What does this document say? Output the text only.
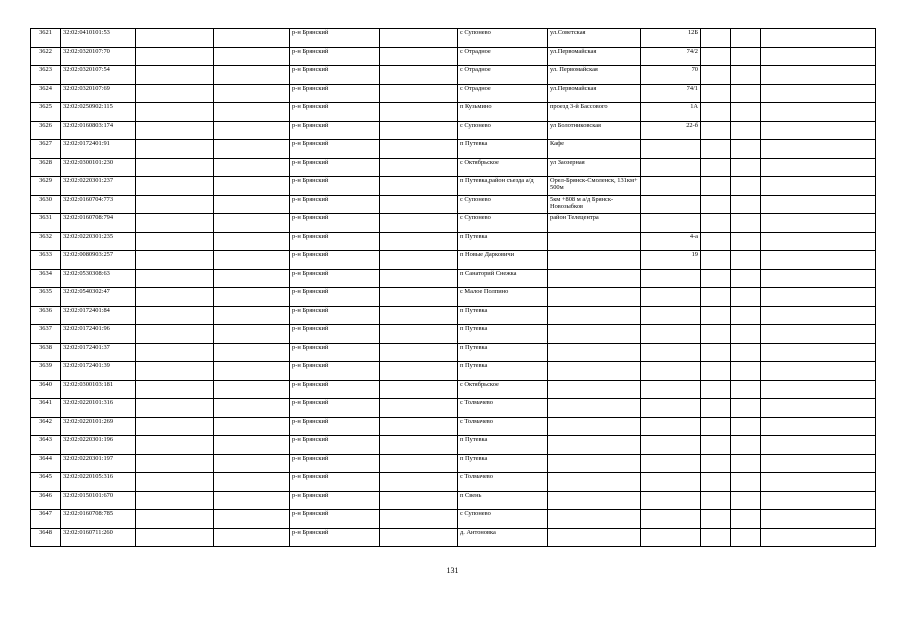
3621	32:02:0410101:53			р-н Брянский		с Супонево	ул.Советская	12Б			
3622	32:02:0320107:70			р-н Брянский		с Отрадное	ул.Первомайская	74/2			
3623	32:02:0320107:54			р-н Брянский		с Отрадное	ул. Первомайская	70			
3624	32:02:0320107:69			р-н Брянский		с Отрадное	ул.Первомайская	74/1			
3625	32:02:0250902:115			р-н Брянский		п Кузьмино	проезд 3-й Бассового	1А			
3626	32:02:0160803:174			р-н Брянский		с Супонево	ул Болотниковская	22-б			
3627	32:02:0172401:91			р-н Брянский		п Путевка	Кафе				
3628	32:02:0300101:230			р-н Брянский		с Октябрьское	ул Заозерная				
3629	32:02:0220301:237			р-н Брянский		п Путевка,район съезда а/д	Орел-Брянск-Смоленск, 131км+ 500м				
3630	32:02:0160704:773			р-н Брянский		с Супонево	5км +808 м а/д Брянск-Новозыбков				
3631	32:02:0160708:794			р-н Брянский		с Супонево	район Телецентра				
3632	32:02:0220301:235			р-н Брянский		п Путевка		4-а			
3633	32:02:0080903:257			р-н Брянский		п Новые Дарковичи		19			
3634	32:02:0530308:63			р-н Брянский		п Санаторий Снежка					
3635	32:02:0540302:47			р-н Брянский		с Малое Полпино					
3636	32:02:0172401:84			р-н Брянский		п Путевка					
3637	32:02:0172401:96			р-н Брянский		п Путевка					
3638	32:02:0172401:37			р-н Брянский		п Путевка					
3639	32:02:0172401:39			р-н Брянский		п Путевка					
3640	32:02:0300103:181			р-н Брянский		с Октябрьское					
3641	32:02:0220101:316			р-н Брянский		с Толмачево					
3642	32:02:0220101:269			р-н Брянский		с Толмачево					
3643	32:02:0220301:196			р-н Брянский		п Путевка					
3644	32:02:0220301:197			р-н Брянский		п Путевка					
3645	32:02:0220105:316			р-н Брянский		с Толмачево					
3646	32:02:0150101:670			р-н Брянский		п Свень					
3647	32:02:0160708:785			р-н Брянский		с Супонево					
3648	32:02:0160711:260			р-н Брянский		д. Антоновка					
131
